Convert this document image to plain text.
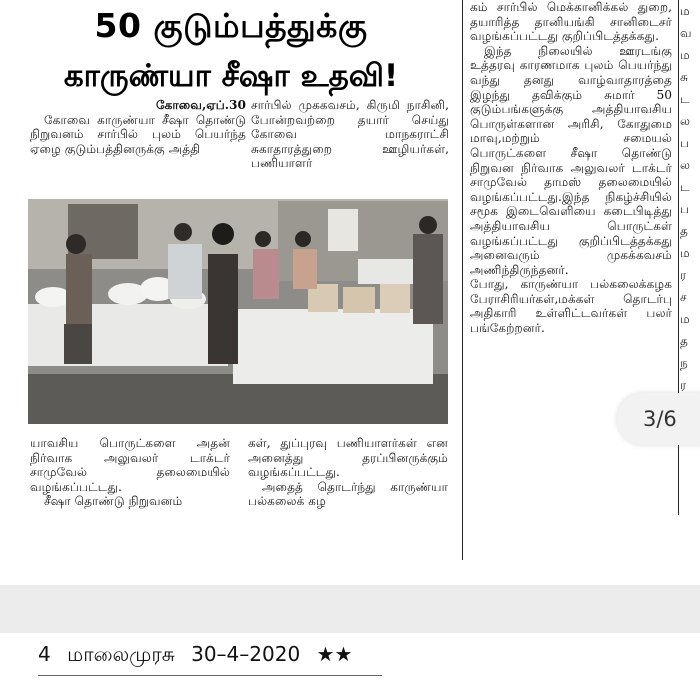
50 குடும்பத்துக்கு
காருண்யா சீஷா உதவி!

கோவை,ஏப்.30

கோவை காருண்யா சீஷா தொண்டு நிறுவனம் சார்பில் புலம் பெயர்ந்த ஏழை குடும்பத்தினருக்கு அத்தி

சார்பில் முககவசம், கிருமி நாசினி, போன்றவற்றை தயார் செய்து கோவை மாநகராட்சி சுகாதாரத்துறை ஊழியர்கள், பணியாளர்

கம் சார்பில் மெக்கானிக்கல் துறை, தயாரித்த தானியங்கி சானிடைசர் வழங்கப்பட்டது குறிப்பிடத்தக்கது.

இந்த நிலையில் ஊரடங்கு உத்தரவு காரணமாக புலம் பெயர்ந்து வந்து தனது வாழ்வாதாரத்தை இழந்து தவிக்கும் சுமார் 50 குடும்பங்களுக்கு அத்தியாவசிய பொருள்களான அரிசி, கோதுமை மாவு,மற்றும் சமையல் பொருட்களை சீஷா தொண்டு நிறுவன நிர்வாக அலுவலர் டாக்டர் சாமுவேல் தாமஸ் தலைமையில் வழங்கப்பட்டது.இந்த நிகழ்ச்சியில் சமூக இடைவெளியை கடைபிடித்து அத்தியாவசிய பொருட்கள் வழங்கப்பட்டது குறிப்பிடத்தக்கது அனைவரும் முகக்கவசம் அணிந்திருந்தனர்.

போது, காருண்யா பல்கலைக்கழக பேராசிரியர்கள்,மக்கள் தொடர்பு அதிகாரி உள்ளிட்டவர்கள் பலர் பங்கேற்றனர்.

யாவசிய பொருட்களை அதன் நிர்வாக அலுவலர் டாக்டர் சாமுவேல் தலைமையில் வழங்கப்பட்டது.

சீஷா தொண்டு நிறுவனம்

கள், துப்புரவு பணியாளர்கள் என அனைத்து தரப்பினருக்கும் வழங்கப்பட்டது.

அதைத் தொடர்ந்து காருண்யா பல்கலைக் கழ

ம
வ
ம
சு
ட
ல
ப
ல
ட
ப
த
ம
ர
ச
ம
த
ந
ர
3/6
4 மாலைமுரசு 30–4–2020 ★★
